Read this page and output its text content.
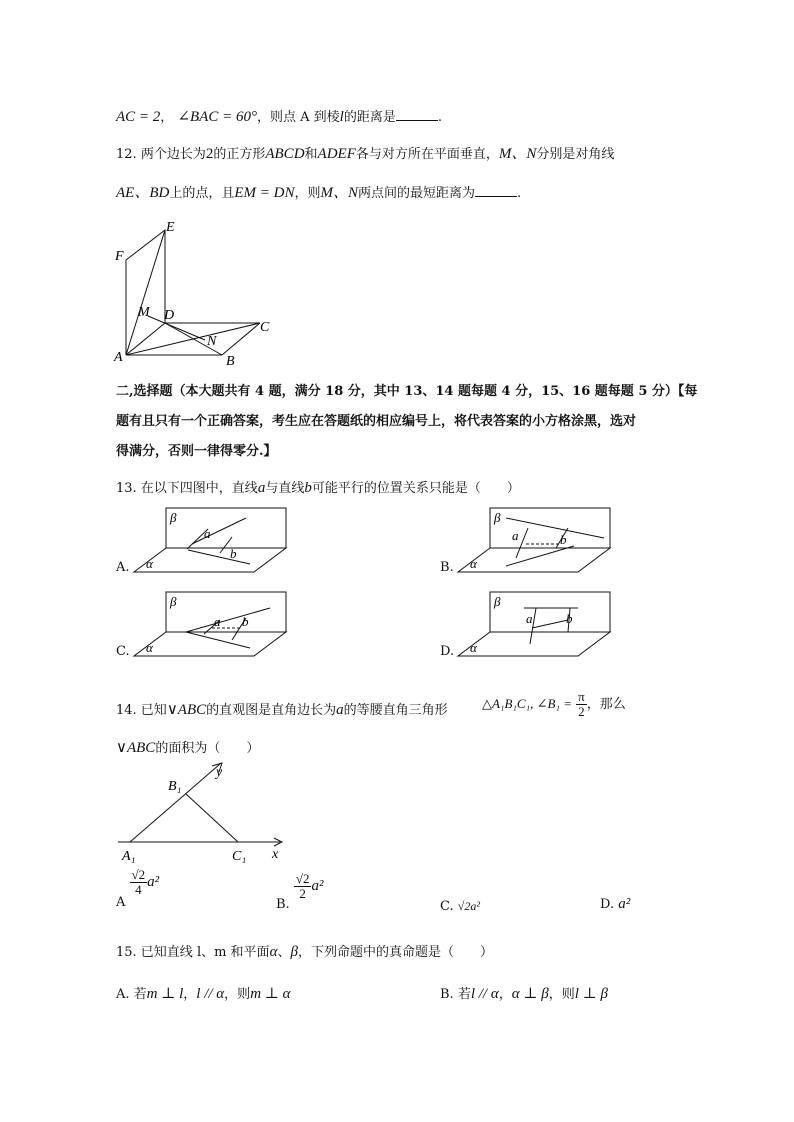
AC = 2， ∠BAC = 60°，则点 A 到棱l的距离是	.
12. 两个边长为2的正方形ABCD和ADEF各与对方所在平面垂直，M、N分别是对角线
AE、BD上的点，且EM = DN，则M、N两点间的最短距离为	.
E
F
M D
C
N
A	B
二,选择题（本大题共有 4 题，满分 18 分，其中 13、14 题每题 4 分，15、16 题每题 5 分）【每
题有且只有一个正确答案，考生应在答题纸的相应编号上，将代表答案的小方格涂黑，选对
得满分，否则一律得零分.】
13. 在以下四图中，直线a与直线b可能平行的位置关系只能是（　　）
A.	B.
C.	D.
β
α
a
b
β
α
a	b
β
α
a b
β
α
a	b
14. 已知∨ABC的直观图是直角边长为a的等腰直角三角形	△A₁B₁C₁, ∠B₁ = $\frac{\pi}{2}$ ，那么
∨ABC的面积为（　　）
y
B₁
A₁	C₁ x
A
$\frac{√2}{4} a^2$
B.
$\frac{√2}{2} a^2$
C. √2a²	D. a²
15. 已知直线 l、m 和平面α、β，下列命题中的真命题是（　　）
A. 若m ⊥ l，l // α，则m ⊥ α	B. 若l // α，α ⊥ β，则l ⊥ β
